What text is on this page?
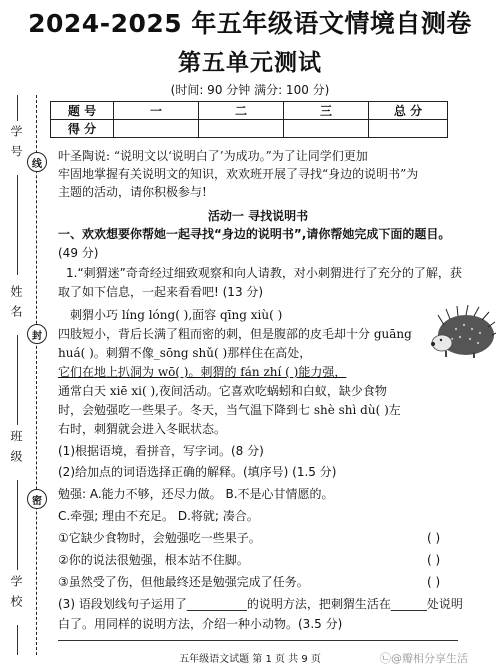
学 号
姓 名
班 级
学 校
线
封
密
2024-2025 年五年级语文情境自测卷
第五单元测试
(时间: 90 分钟 满分: 100 分)
题 号	一	二	三	总 分
得 分				
叶圣陶说: “说明文以‘说明白了’为成功。”为了让同学们更加
牢固地掌握有关说明文的知识，欢欢班开展了寻找“身边的说明书”为
主题的活动，请你积极参与!
活动一 寻找说明书
一、欢欢想要你帮她一起寻找“身边的说明书”,请你帮她完成下面的题目。
(49 分)
1.“刺猬迷”奇奇经过细致观察和向人请教，对小刺猬进行了充分的了解，获
取了如下信息，一起来看看吧! (13 分)
刺猬小巧 líng lóng( ),面容 qīng xiù( )
四肢短小，背后长满了粗而密的刺，但是腹部的皮毛却十分 guāng
huá( )。刺猬不像_sōng shǔ( )那样住在高处，
它们在地上扒洞为 wō( )。刺猬的 fán zhí ( )能力强，
通常白天 xiē xi( ),夜间活动。它喜欢吃蜗蚓和白蚁，缺少食物
时，会勉强吃一些果子。冬天，当气温下降到七 shè shì dù( )左
右时，刺猬就会进入冬眠状态。
(1)根据语境，看拼音，写字词。(8 分)
(2)给加点的词语选择正确的解释。(填序号) (1.5 分)
勉强: A.能力不够，还尽力做。 B.不是心甘情愿的。
C.牵强; 理由不充足。 D.将就; 凑合。
①它缺少食物时，会勉强吃一些果子。	( )
②你的说法很勉强，根本站不住脚。	( )
③虽然受了伤，但他最终还是勉强完成了任务。	( )
(3) 语段划线句子运用了__________的说明方法，把刺猬生活在______处说明
白了。用同样的说明方法，介绍一种小动物。(3.5 分)
五年级语文试题 第 1 页 共 9 页	㉡@瓣相分享生活
